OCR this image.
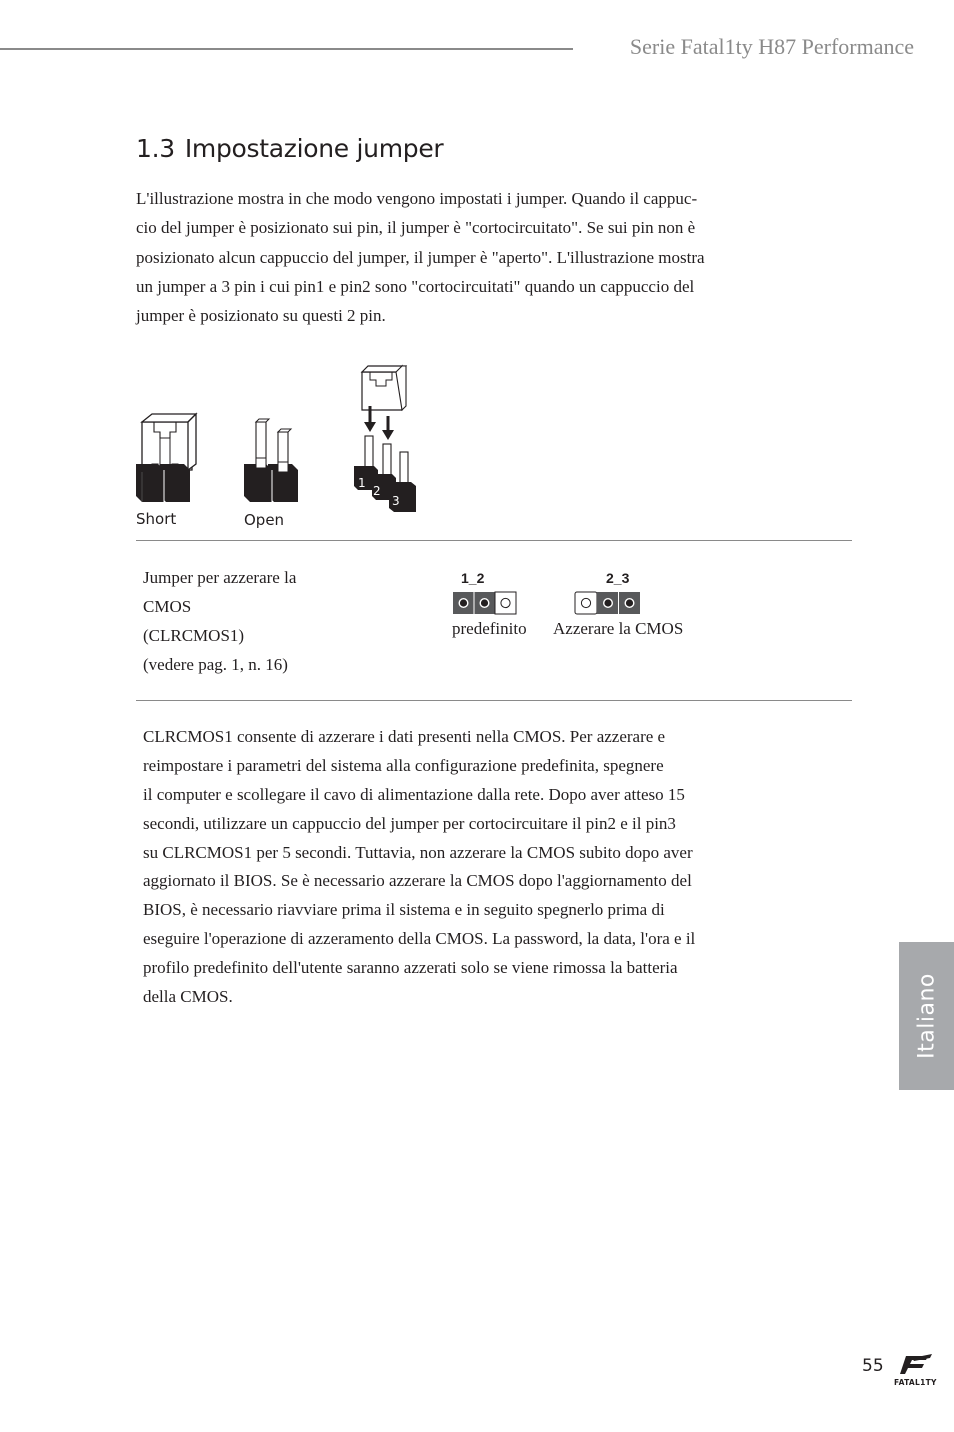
Serie Fatal1ty H87 Performance
1.3 Impostazione jumper
L'illustrazione mostra in che modo vengono impostati i jumper. Quando il cappuc-
cio del jumper è posizionato sui pin, il jumper è "cortocircuitato". Se sui pin non è
posizionato alcun cappuccio del jumper, il jumper è "aperto". L'illustrazione mostra
un jumper a 3 pin i cui pin1 e pin2 sono "cortocircuitati" quando un cappuccio del
jumper è posizionato su questi 2 pin.
Short	Open
1
2
3
Jumper per azzerare la
CMOS
(CLRCMOS1)
(vedere pag. 1, n. 16)
1_2
predefinito
2_3
Azzerare la CMOS
CLRCMOS1 consente di azzerare i dati presenti nella CMOS. Per azzerare e
reimpostare i parametri del sistema alla configurazione predefinita, spegnere
il computer e scollegare il cavo di alimentazione dalla rete. Dopo aver atteso 15
secondi, utilizzare un cappuccio del jumper per cortocircuitare il pin2 e il pin3
su CLRCMOS1 per 5 secondi. Tuttavia, non azzerare la CMOS subito dopo aver
aggiornato il BIOS. Se è necessario azzerare la CMOS dopo l'aggiornamento del
BIOS, è necessario riavviare prima il sistema e in seguito spegnerlo prima di
eseguire l'operazione di azzeramento della CMOS. La password, la data, l'ora e il
profilo predefinito dell'utente saranno azzerati solo se viene rimossa la batteria
della CMOS.	Italiano
55
FATAL1TY
